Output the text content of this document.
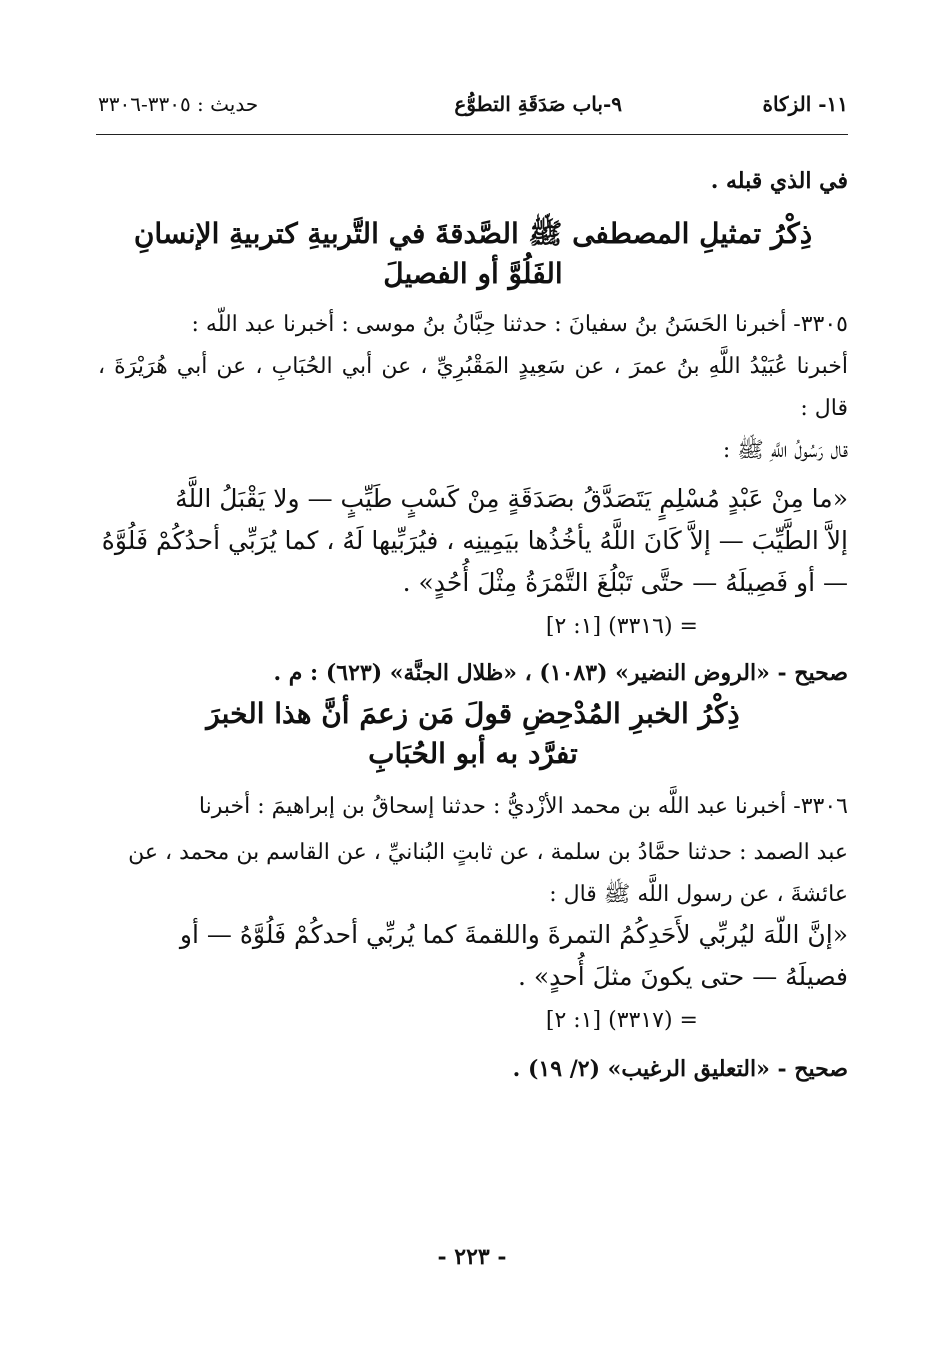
١١- الزكاة
٩-باب صَدَقَةِ التطوُّع
حديث : ٣٣٠٥-٣٣٠٦

في الذي قبله .

ذِكْرُ تمثيلِ المصطفى ﷺ الصَّدقةَ في التَّربيةِ كتربيةِ الإنسانِ

الفَلُوَّ أو الفصيلَ

٣٣٠٥- أخبرنا الحَسَنُ بنُ سفيانَ : حدثنا حِبَّانُ بنُ موسى : أخبرنا عبد اللّه :

أخبرنا عُبَيْدُ اللَّهِ بنُ عمرَ ، عن سَعِيدٍ المَقْبُرِيِّ ، عن أبي الحُبَابِ ، عن أبي هُرَيْرَةَ ، قال :

قال رَسُولُ اللَّهِ ﷺ :

«ما مِنْ عَبْدٍ مُسْلِمٍ يَتَصَدَّقُ بصَدَقَةٍ مِنْ كَسْبٍ طَيِّبٍ — ولا يَقْبَلُ اللَّهُ

إلاَّ الطَّيِّبَ — إلاَّ كَانَ اللَّهُ يأخُذُها بيَمِينِه ، فيُرَبِّيها لَهُ ، كما يُرَبِّي أحدُكُمْ فَلُوَّهُ

— أو فَصِيلَهُ — حتَّى تَبْلُغَ التَّمْرَةُ مِثْلَ أُحُدٍ» .

= (٣٣١٦) [١: ٢]

صحيح - «الروض النضير» (١٠٨٣) ، «ظلال الجنَّة» (٦٢٣) : م .

ذِكْرُ الخبرِ المُدْحِضِ قولَ مَن زعمَ أنَّ هذا الخبرَ

تفرَّد به أبو الحُبَابِ

٣٣٠٦- أخبرنا عبد اللَّه بن محمد الأزْديُّ : حدثنا إسحاقُ بن إبراهيمَ : أخبرنا

عبد الصمد : حدثنا حمَّادُ بن سلمة ، عن ثابتٍ البُنانيِّ ، عن القاسم بن محمد ، عن

عائشةَ ، عن رسول اللَّه ﷺ قال :

«إنَّ اللّهَ ليُربِّي لأَحَدِكُمُ التمرةَ واللقمةَ كما يُربِّي أحدكُمْ فَلُوَّهُ — أو

فصيلَهُ — حتى يكونَ مثلَ أُحدٍ» .

= (٣٣١٧) [١: ٢]

صحيح - «التعليق الرغيب» (٢/ ١٩) .

- ٢٢٣ -
